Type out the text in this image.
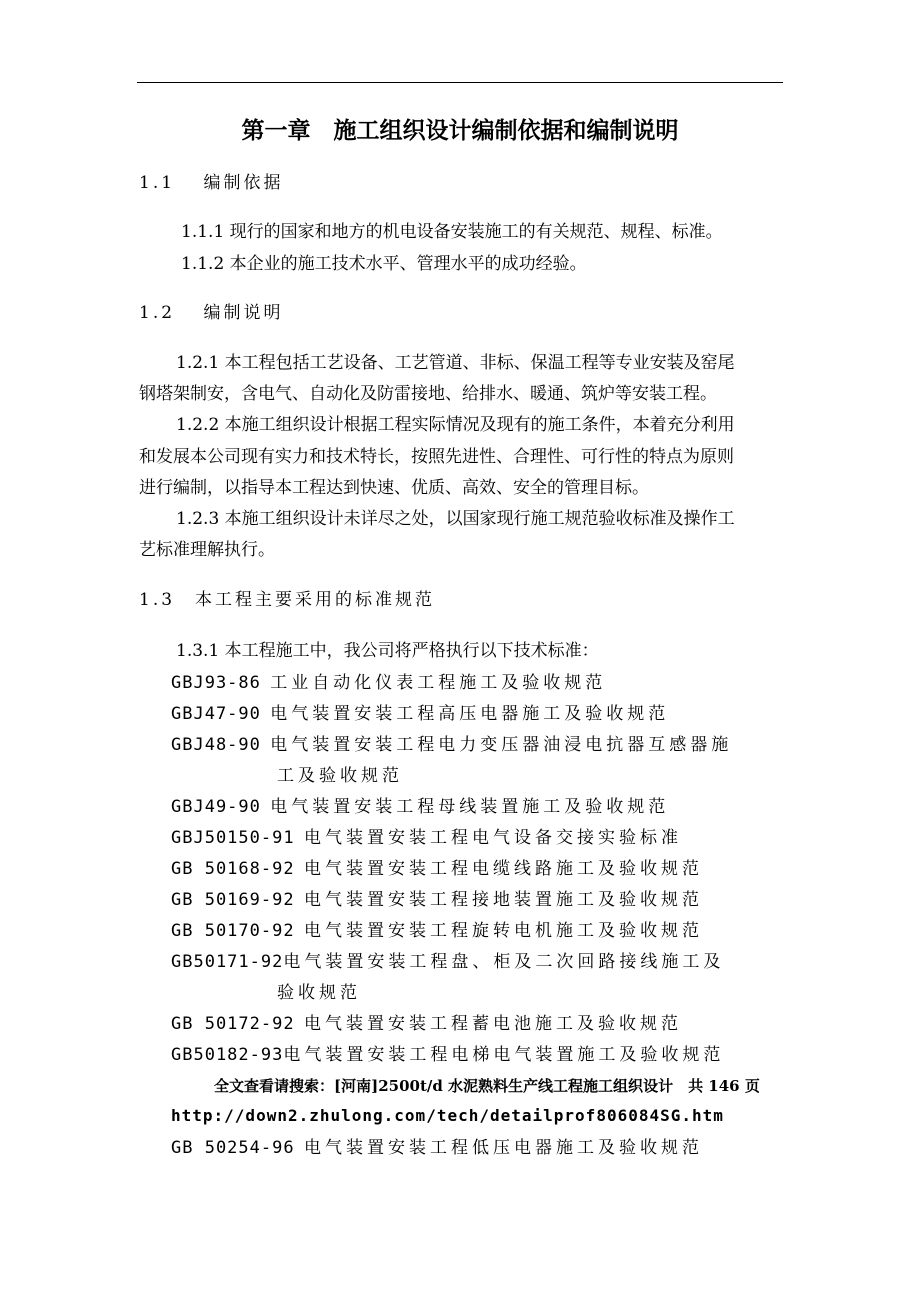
第一章　施工组织设计编制依据和编制说明
1.1　 编制依据
1.1.1 现行的国家和地方的机电设备安装施工的有关规范、规程、标准。
1.1.2 本企业的施工技术水平、管理水平的成功经验。
1.2　 编制说明
1.2.1 本工程包括工艺设备、工艺管道、非标、保温工程等专业安装及窑尾
钢塔架制安，含电气、自动化及防雷接地、给排水、暖通、筑炉等安装工程。
1.2.2 本施工组织设计根据工程实际情况及现有的施工条件，本着充分利用
和发展本公司现有实力和技术特长，按照先进性、合理性、可行性的特点为原则
进行编制，以指导本工程达到快速、优质、高效、安全的管理目标。
1.2.3 本施工组织设计未详尽之处，以国家现行施工规范验收标准及操作工
艺标准理解执行。
1.3　本工程主要采用的标准规范
1.3.1 本工程施工中，我公司将严格执行以下技术标准：
GBJ93-86 工业自动化仪表工程施工及验收规范
GBJ47-90 电气装置安装工程高压电器施工及验收规范
GBJ48-90 电气装置安装工程电力变压器油浸电抗器互感器施
工及验收规范
GBJ49-90 电气装置安装工程母线装置施工及验收规范
GBJ50150-91 电气装置安装工程电气设备交接实验标准
GB 50168-92 电气装置安装工程电缆线路施工及验收规范
GB 50169-92 电气装置安装工程接地装置施工及验收规范
GB 50170-92 电气装置安装工程旋转电机施工及验收规范
GB50171-92电气装置安装工程盘、柜及二次回路接线施工及
验收规范
GB 50172-92 电气装置安装工程蓄电池施工及验收规范
GB50182-93电气装置安装工程电梯电气装置施工及验收规范
全文查看请搜索：[河南]2500t/d 水泥熟料生产线工程施工组织设计　共 146 页
http://down2.zhulong.com/tech/detailprof806084SG.htm
GB 50254-96 电气装置安装工程低压电器施工及验收规范
